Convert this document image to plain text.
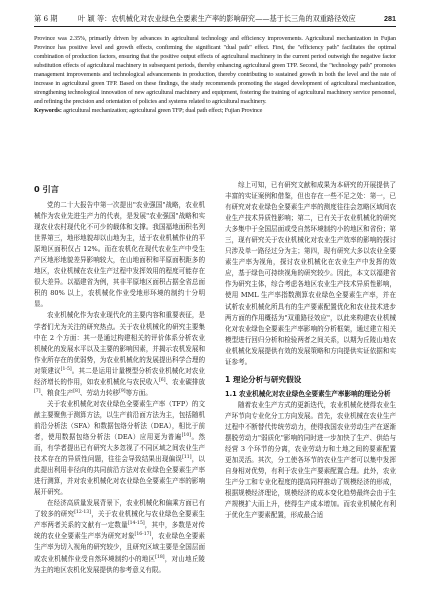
第 6 期	叶 颖 等：农机械化对农业绿色全要素生产率的影响研究——基于长三角的双重路径效应	281

Province was 2.35%, primarily driven by advances in agricultural technology and efficiency improvements. Agricultural mechanization in Fujian Province has positive level and growth effects, confirming the significant "dual path" effect. First, the "efficiency path" facilitates the optimal combination of production factors, ensuring that the positive output effects of agricultural machinery in the current period outweigh the negative factor substitution effects of agricultural machinery in subsequent periods, thereby enhancing agricultural green TFP. Second, the "technology path" promotes management improvements and technological advancements in production, thereby contributing to sustained growth in both the level and the rate of increase in agricultural green TFP. Based on these findings, the study recommends promoting the staged development of agricultural mechanization, strengthening technological innovation of new agricultural machinery and equipment, fostering the training of agricultural machinery service personnel, and refining the precision and orientation of policies and systems related to agricultural machinery.

Keywords: agricultural mechanization; agricultural green TFP; dual path effect; Fujian Province

0 引言

党的二十大报告中第一次提出"农业强国"战略，农业机械作为农业先进生产力的代表，是发展"农业强国"战略和实现农业农村现代化不可少的载体和支撑。我国福地面积名列世界第三，地形地貌却以山地为主，适于农业机械作业的平原地区面积仅占 12%。而在农机化在现代农业生产中受生产区地形地貌差异影响较大，在山地面积和平原面积距多的地区，农业机械在农业生产过程中发挥效用的程度可能存在很大差异。以福建省为例，其非平原地区面积占据全省总面积的 80% 以上，农机械化作业受地形环境的制约十分明显。

农业机械化作为农业现代化的主要内容和重要表征，是学者们尤为关注的研究热点。关于农业机械化的研究主要集中在 2 个方面：其一是通过构建相关的评价体系分析农业机械化的发展水平以及主要的影响因素，并揭示农机发展和作业所存在的优弱势，为农业机械化的发展提出科学合理的对策建议[1-5]。其二是运用计量模型分析农业机械化对农业经济增长的作用，如农业机械化与农民收入[6]、农业碳排放[7]、粮食生产[8]、劳动力转移[9]等方面。

关于农业机械化对农业绿色全要素生产率（TFP）的文献主要聚焦于测算方法，以生产前沿面方法为主，包括随机前沿分析法（SFA）和数据包络分析法（DEA），相比于前者，使用数据包络分析法（DEA）应用更为普遍[10]。然而，有学者提出已有研究大多忽视了不同区域之间农业生产技术存在的异质性问题，往往会导致结果出现偏误[11]，以此提出利用非径向的共同前沿方法对农业绿色全要素生产率进行测算，并对农业机械化对农业绿色全要素生产率的影响展开研究。

在经济高质量发展背景下，农业机械化和偏乘方面已有了较多的研究[12-13]，关于农业机械化与农业绿色全要素生产率两者关系的文献有一定数量[14-15]，其中，多数是对传统的农业全要素生产率为研究对象[16-17]，农业绿色全要素生产率为切入视角的研究较少，且研究区域主要是全国层面或农业机械作业受自然环境制约小的地区[18]，对山地丘陵为主的地区农机化发展提供的参考意义有限。

综上可知，已有研究文献和成果为本研究的开展提供了丰富的实证案例和借鉴，但也存在一些不足之处：第一，已有研究对农业绿色全要素生产率的测度往往会忽略区域间农业生产技术异质性影响；第二，已有关于农业机械化的研究大多集中于全国层面或受自然环境制约小的地区和省份；第三，现有研究关于农业机械化对农业生产效率的影响的探讨只涉及单一路径过分为主；第四，现有研究大多以农业全要素生产率为视角，探讨农业机械化在农业生产中发挥的效应，基于绿色可持续视角的研究较少。因此，本文以福建省作为研究主体，综合考虑各地区农业生产技术异质性影响，使用 MML 生产率指数测算农业绿色全要素生产率，并在试析农业机械化所具有的生产要素配置优化和农业技术进步两方面的作用概括为"双重路径效应"，以此来构建农业机械化对农业绿色全要素生产率影响的分析框架，通过建立相关模型进行回归分析和检验两者之间关系，以期为丘陵山地农业机械化发展提供有效的发展策略和方向提供实证依据和实证参考。

1 理论分析与研究假设
1.1 农业机械化对农业绿色全要素生产率影响的理论分析

随着农业生产方式的更新迭代，农业机械化使得农业生产环节向专业化分工方向发展。首先，农业机械在农业生产过程中不断替代传统劳动力，使得我国农业劳动生产在逐渐摆脱劳动力"弱质化"影响的同时进一步加快了生产、供给与经营 3 个环节的分离，农业劳动力和土地之间的要素配置更加灵活。其次，分工使各环节的农业生产者可以集中发挥自身相对优势，有利于农业生产要素配置合理。此外，农业生产分工和专业化程度的提高同样推动了规模经济的形成，根据规模经济理论，规模经济的成本变化趋势最终会由于生产规模扩大而上升，使得生产成本增加。而农业机械化有利于优化生产要素配置，形成最合适
